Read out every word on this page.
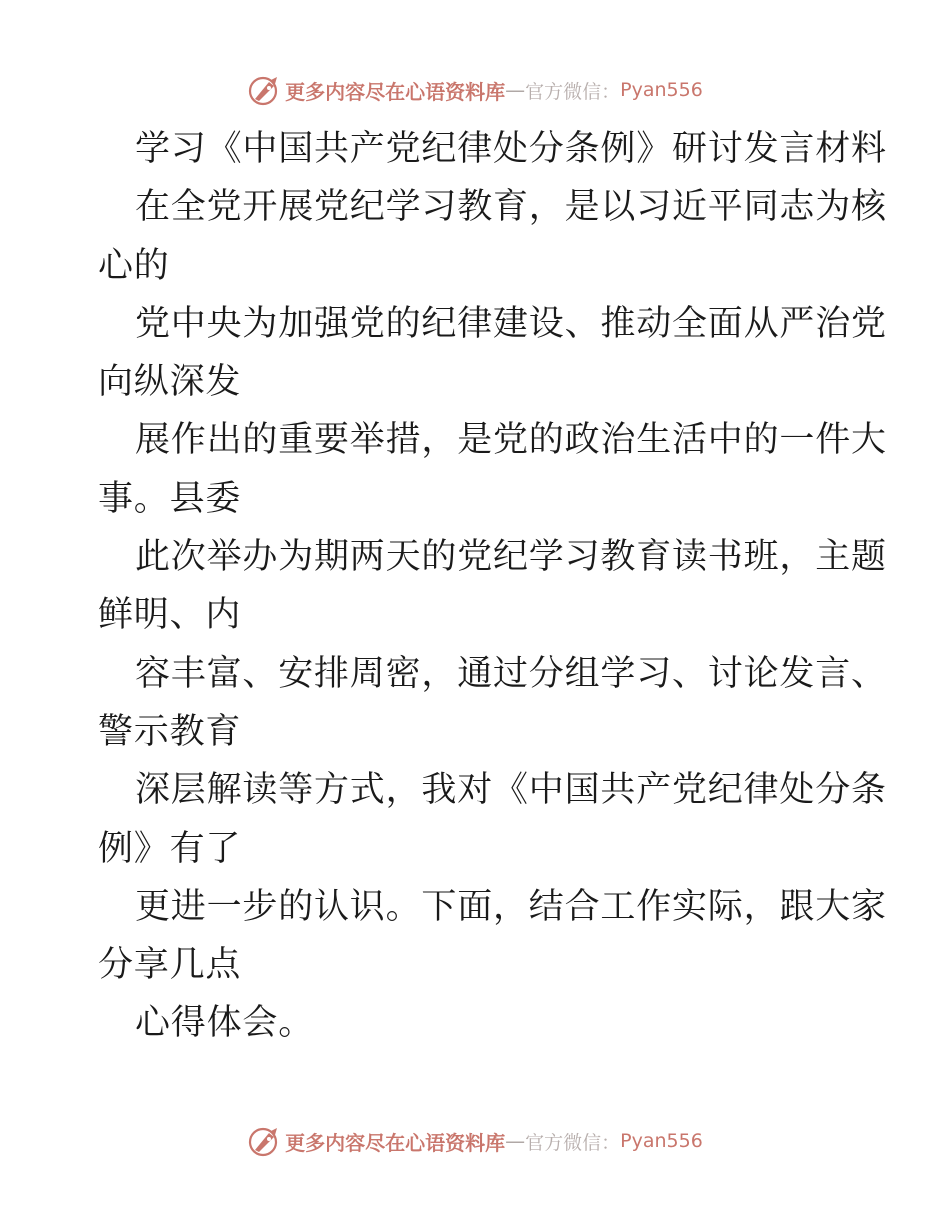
更多内容尽在心语资料库 — 官方微信： Pyan556
学习《中国共产党纪律处分条例》研讨发言材料
在全党开展党纪学习教育，是以习近平同志为核
心的
党中央为加强党的纪律建设、推动全面从严治党
向纵深发
展作出的重要举措，是党的政治生活中的一件大
事。县委
此次举办为期两天的党纪学习教育读书班，主题
鲜明、内
容丰富、安排周密，通过分组学习、讨论发言、
警示教育
深层解读等方式，我对《中国共产党纪律处分条
例》有了
更进一步的认识。下面，结合工作实际，跟大家
分享几点
心得体会。
更多内容尽在心语资料库 — 官方微信： Pyan556
